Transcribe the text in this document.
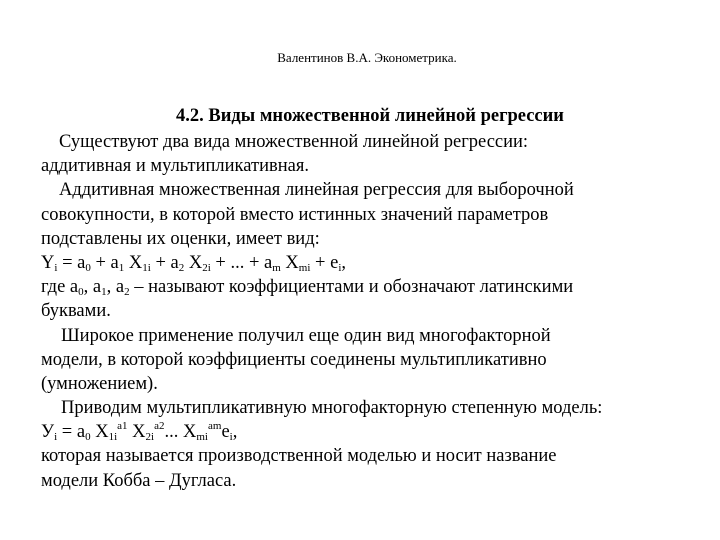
Валентинов В.А. Эконометрика.
4.2. Виды множественной линейной регрессии
Существуют два вида множественной линейной регрессии:
аддитивная и мультипликативная.
Аддитивная множественная линейная регрессия для выборочной
совокупности, в которой вместо истинных значений параметров
подставлены их оценки, имеет вид:
$Y_i = a_0 + a_1$ $X_{1i} + a_2$ $X_{2i}$ + ... + $a_m$ $X_{mi} + e_i$,
где $a_0$, $a_1$, $a_2$ – называют коэффициентами и обозначают латинскими
буквами.
Широкое применение получил еще один вид многофакторной
модели, в которой коэффициенты соединены мультипликативно
(умножением).
Приводим мультипликативную многофакторную степенную модель:
$У_i = a_0$ $X_{1i}^{a1}$ $X_{2i}^{a2}$... $X_{mi}^{am}e_i$,
которая называется производственной моделью и носит название
модели Кобба – Дугласа.
